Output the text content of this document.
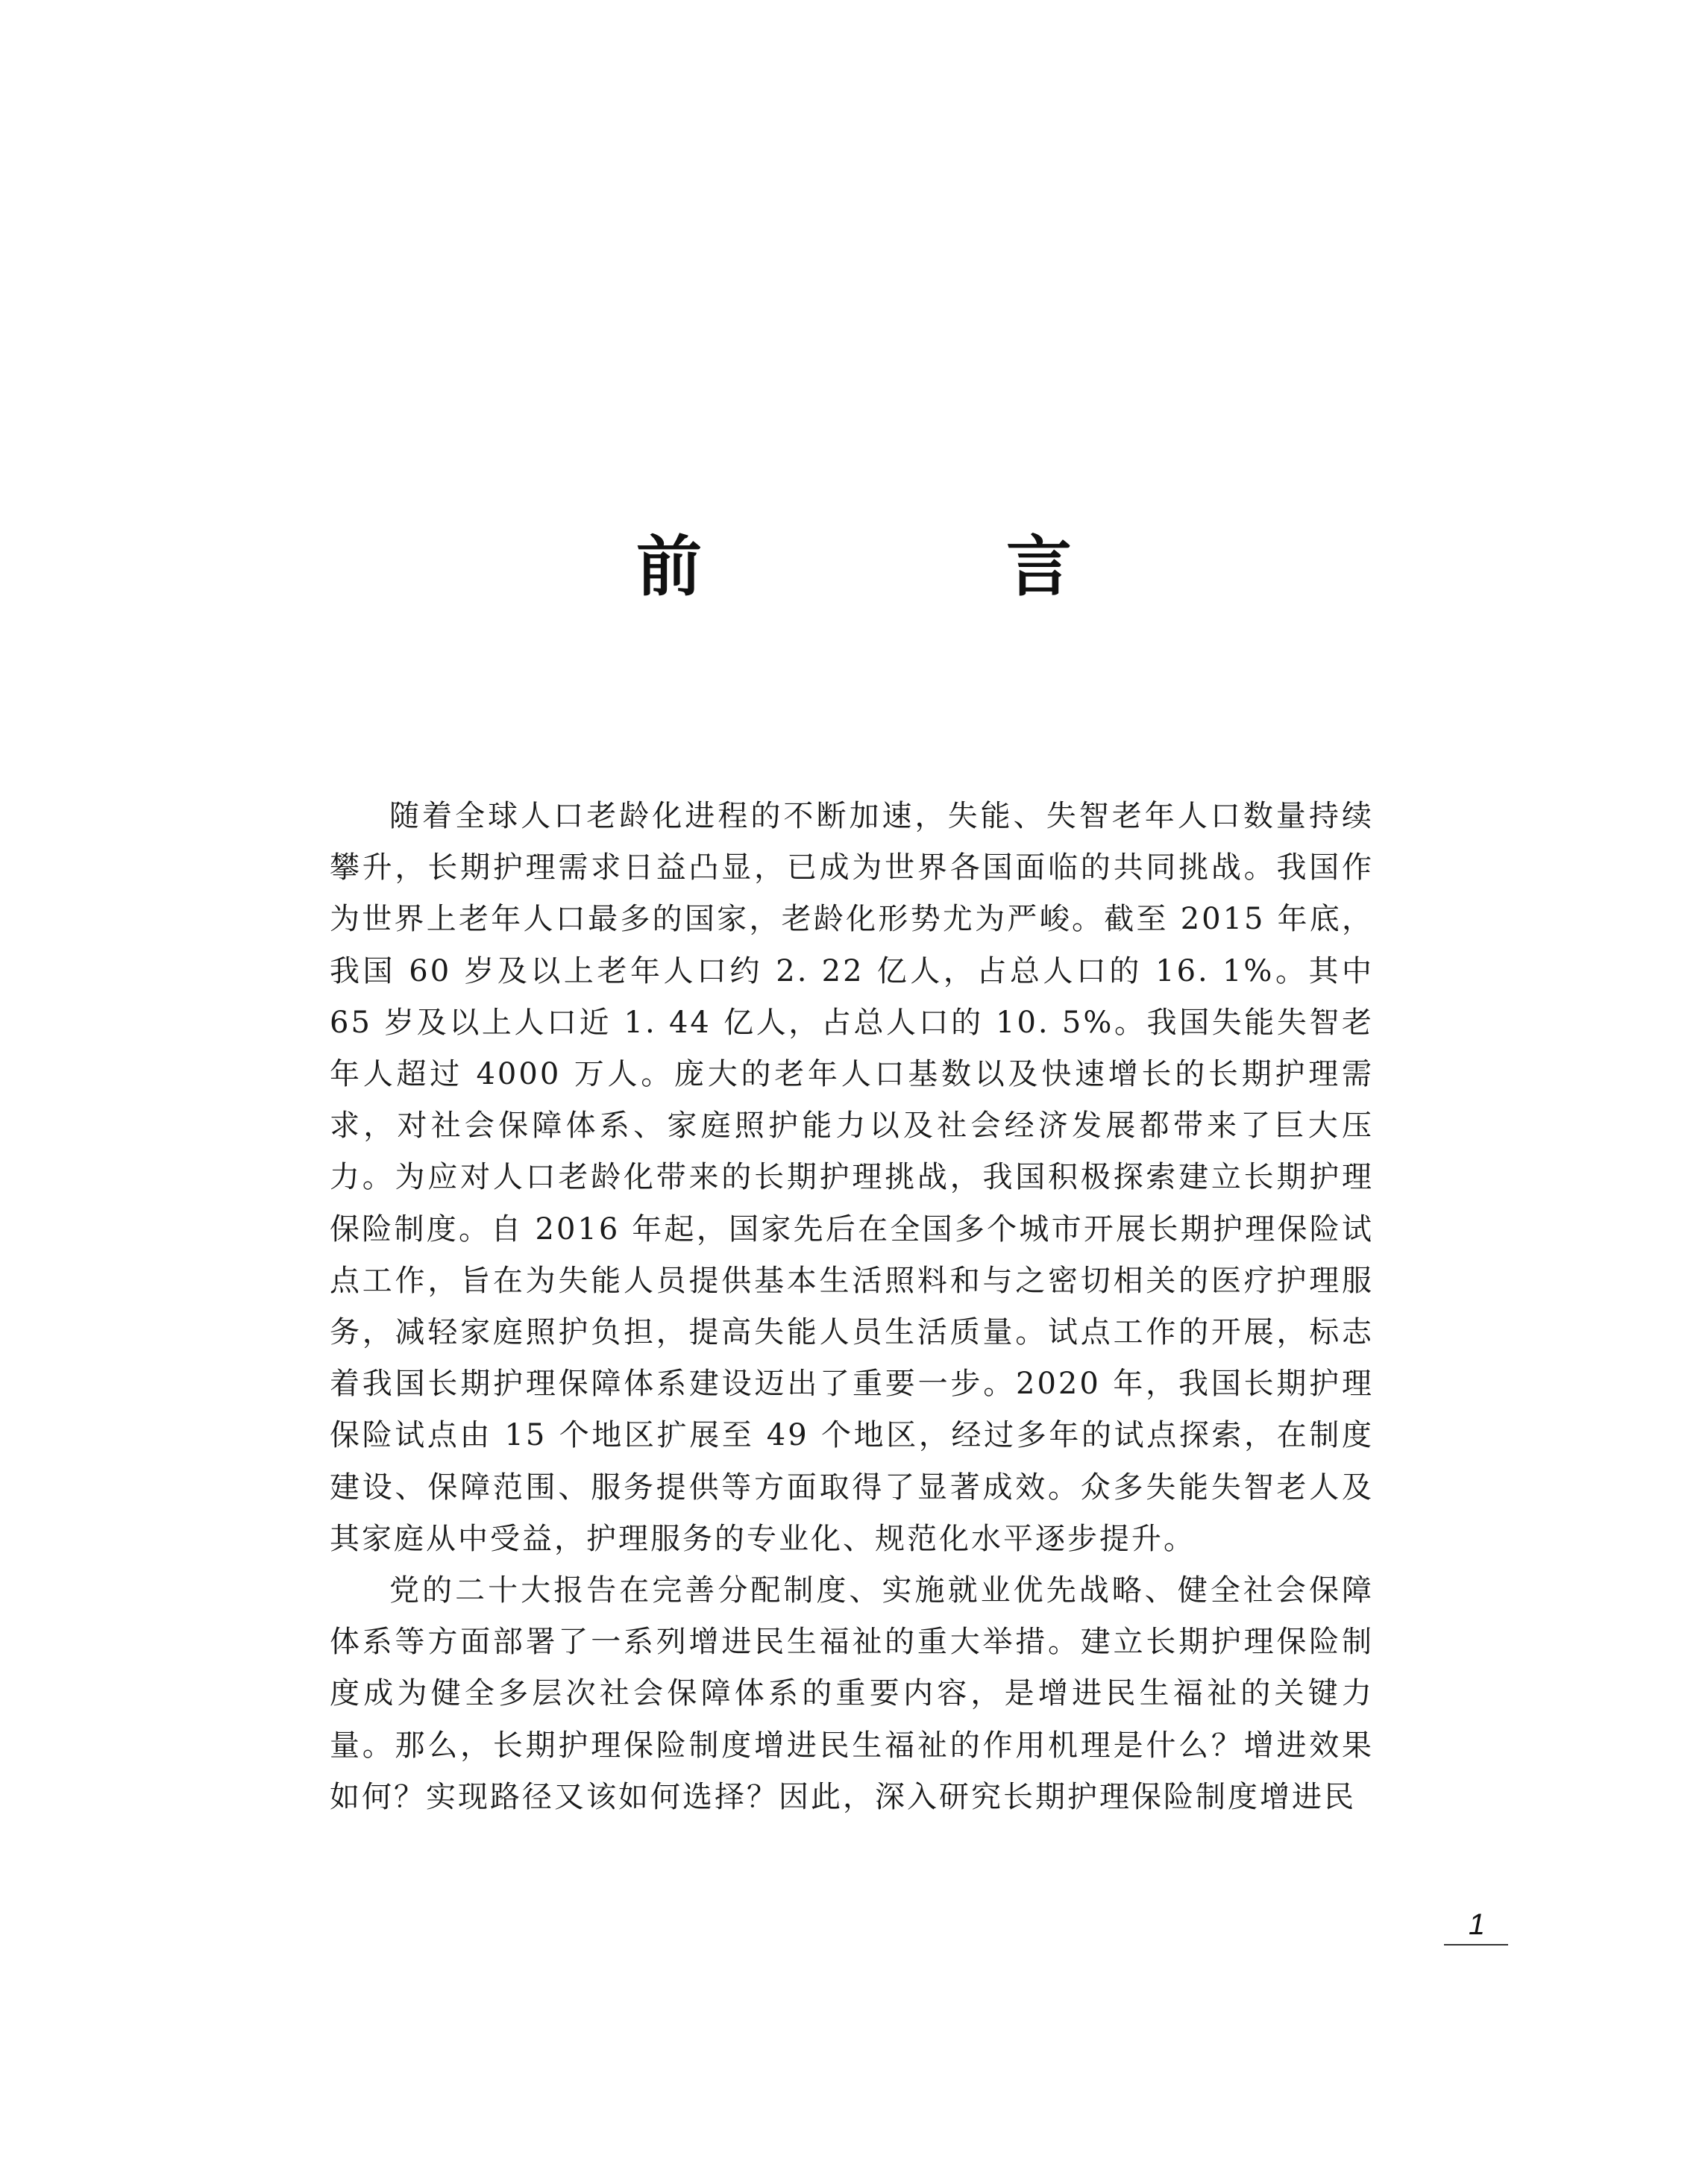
前　言

随着全球人口老龄化进程的不断加速，失能、失智老年人口数量持续攀升，长期护理需求日益凸显，已成为世界各国面临的共同挑战。我国作为世界上老年人口最多的国家，老龄化形势尤为严峻。截至 2015 年底，我国 60 岁及以上老年人口约 2. 22 亿人，占总人口的 16. 1%。其中 65 岁及以上人口近 1. 44 亿人，占总人口的 10. 5%。我国失能失智老年人超过 4000 万人。庞大的老年人口基数以及快速增长的长期护理需求，对社会保障体系、家庭照护能力以及社会经济发展都带来了巨大压力。为应对人口老龄化带来的长期护理挑战，我国积极探索建立长期护理保险制度。自 2016 年起，国家先后在全国多个城市开展长期护理保险试点工作，旨在为失能人员提供基本生活照料和与之密切相关的医疗护理服务，减轻家庭照护负担，提高失能人员生活质量。试点工作的开展，标志着我国长期护理保障体系建设迈出了重要一步。2020 年，我国长期护理保险试点由 15 个地区扩展至 49 个地区，经过多年的试点探索，在制度建设、保障范围、服务提供等方面取得了显著成效。众多失能失智老人及其家庭从中受益，护理服务的专业化、规范化水平逐步提升。

党的二十大报告在完善分配制度、实施就业优先战略、健全社会保障体系等方面部署了一系列增进民生福祉的重大举措。建立长期护理保险制度成为健全多层次社会保障体系的重要内容，是增进民生福祉的关键力量。那么，长期护理保险制度增进民生福祉的作用机理是什么？增进效果如何？实现路径又该如何选择？因此，深入研究长期护理保险制度增进民

1
